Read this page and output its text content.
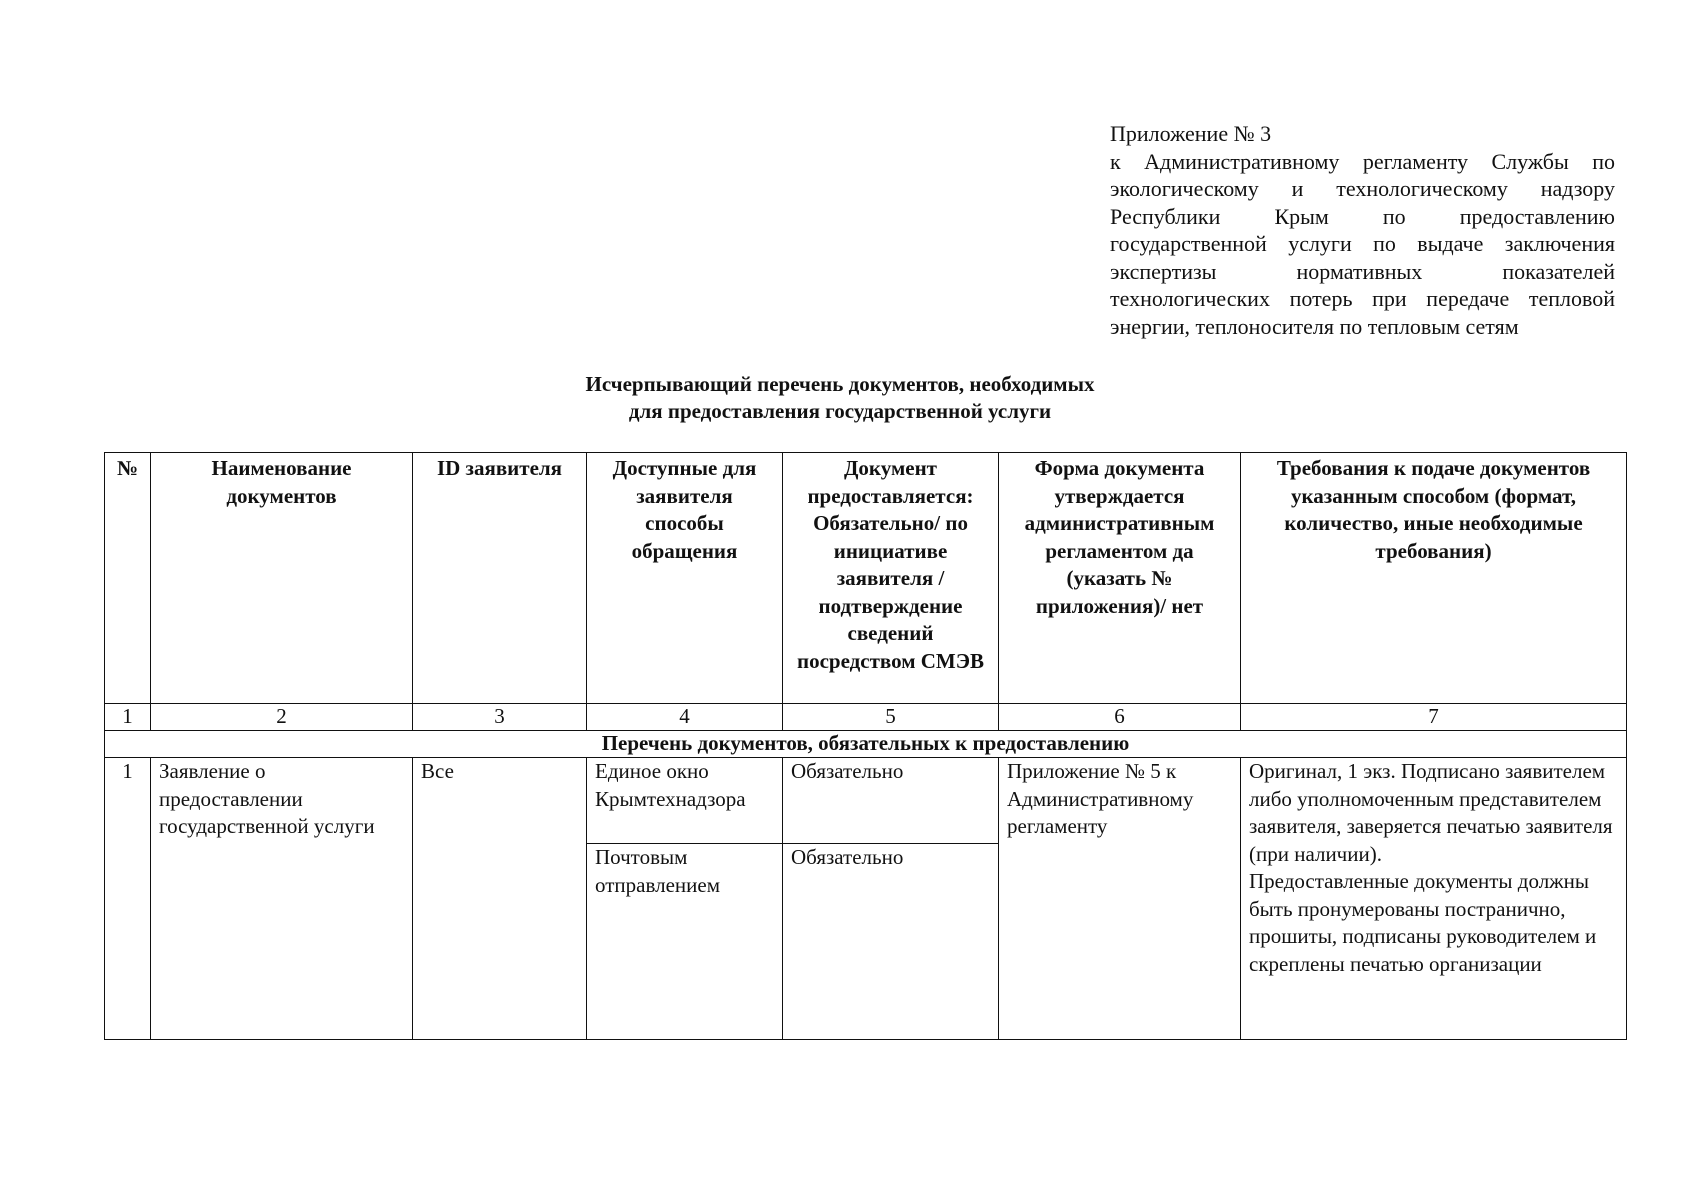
Приложение № 3
к Административному регламенту Службы по экологическому и технологическому надзору Республики Крым по предоставлению государственной услуги по выдаче заключения экспертизы нормативных показателей технологических потерь при передаче тепловой энергии, теплоносителя по тепловым сетям
Исчерпывающий перечень документов, необходимых
для предоставления государственной услуги
№	Наименование документов	ID заявителя	Доступные для заявителя способы обращения	Документ предоставляется: Обязательно/ по инициативе заявителя /подтверждение сведений посредством СМЭВ	Форма документа утверждается административным регламентом да (указать № приложения)/ нет	Требования к подаче документов указанным способом (формат, количество, иные необходимые требования)
1	2	3	4	5	6	7
Перечень документов, обязательных к предоставлению						
1	Заявление о предоставлении государственной услуги	Все	Единое окно Крымтехнадзора	Обязательно	Приложение № 5 к Административному регламенту	Оригинал, 1 экз. Подписано заявителем либо уполномоченным представителем заявителя, заверяется печатью заявителя (при наличии).
Предоставленные документы должны быть пронумерованы постранично, прошиты, подписаны руководителем и скреплены печатью организации

			Почтовым отправлением	Обязательно		
